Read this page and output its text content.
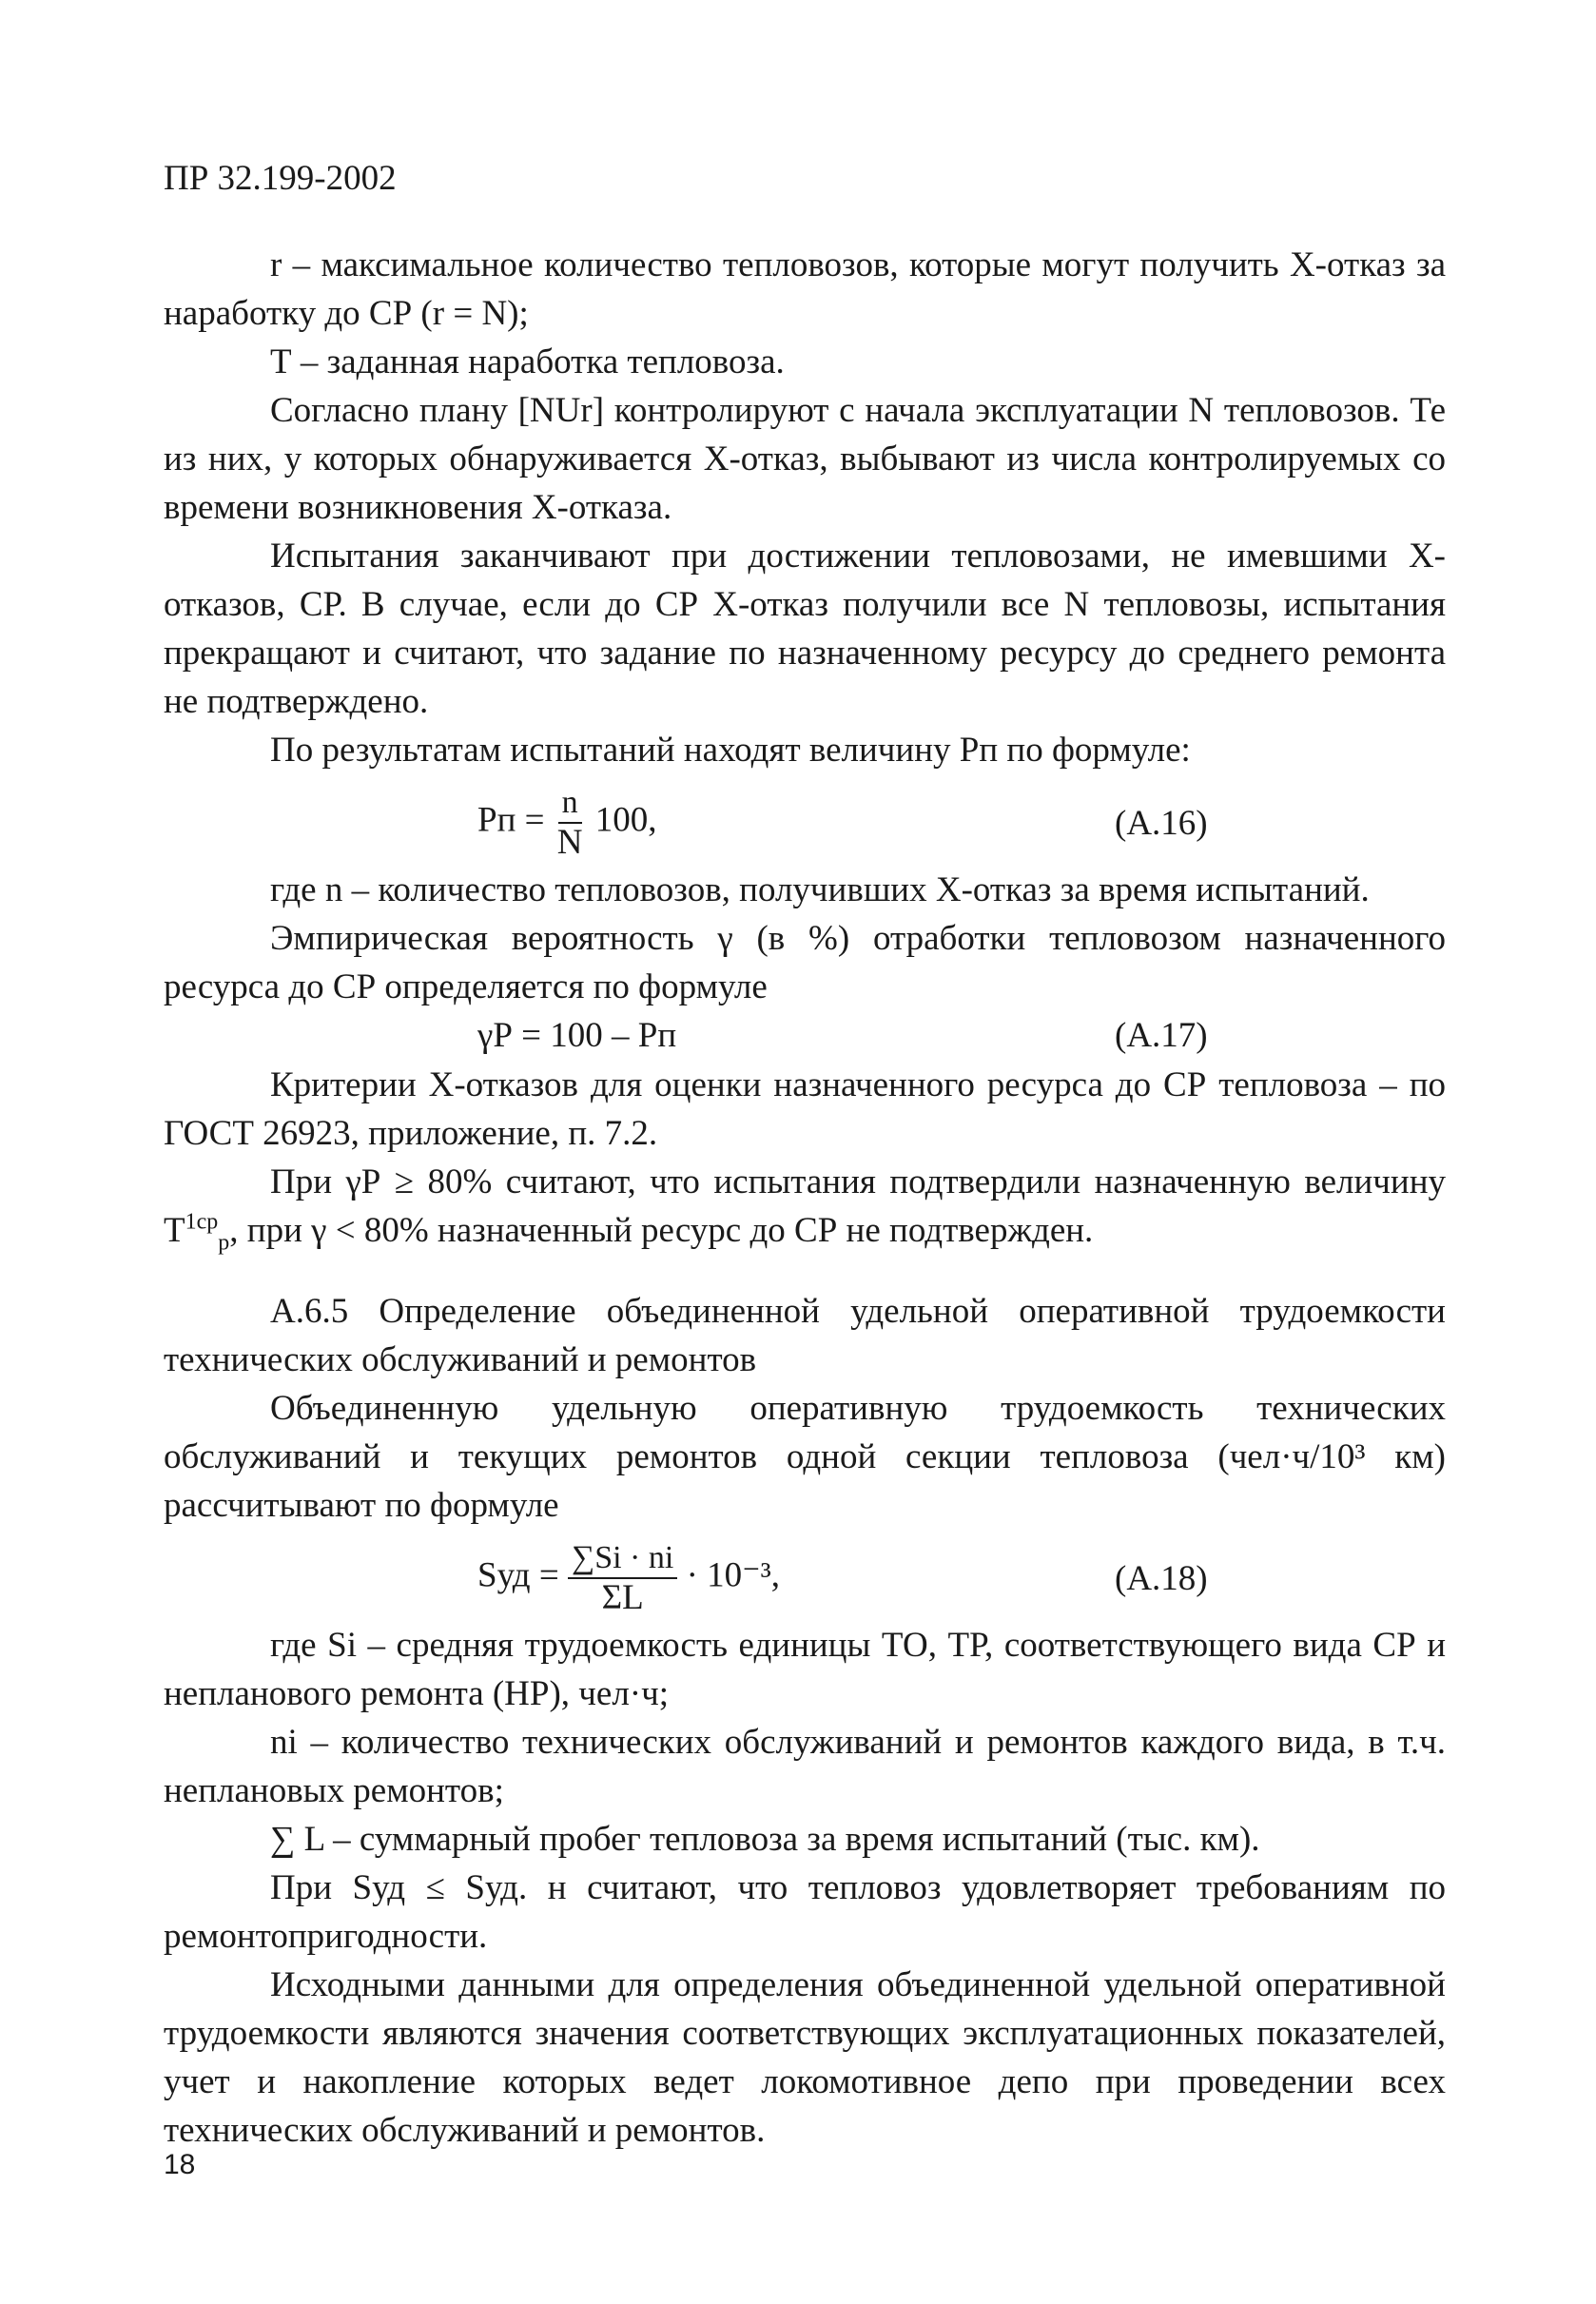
ПР 32.199-2002

r – максимальное количество тепловозов, которые могут получить Х-отказ за наработку до СР (r = N);

Т – заданная наработка тепловоза.

Согласно плану [NUr] контролируют с начала эксплуатации N тепловозов. Те из них, у которых обнаруживается Х-отказ, выбывают из числа контролируемых со времени возникновения Х-отказа.

Испытания заканчивают при достижении тепловозами, не имевшими Х-отказов, СР. В случае, если до СР Х-отказ получили все N тепловозы, испытания прекращают и считают, что задание по назначенному ресурсу до среднего ремонта не подтверждено.

По результатам испытаний находят величину Pп по формуле:

Pп = $\frac{n}{N} 100$,	(А.16)

где n – количество тепловозов, получивших Х-отказ за время испытаний.

Эмпирическая вероятность γ (в %) отработки тепловозом назначенного ресурса до СР определяется по формуле

γР = 100 – Pп	(А.17)

Критерии Х-отказов для оценки назначенного ресурса до СР тепловоза – по ГОСТ 26923, приложение, п. 7.2.

При γР ≥ 80% считают, что испытания подтвердили назначенную величину $Т^{1ср}_р$, при γ < 80% назначенный ресурс до СР не подтвержден.

А.6.5 Определение объединенной удельной оперативной трудоемкости технических обслуживаний и ремонтов

Объединенную удельную оперативную трудоемкость технических обслуживаний и текущих ремонтов одной секции тепловоза (чел·ч/10³ км) рассчитывают по формуле

Sуд = $\frac{\sum Si \cdot ni}{\Sigma L} \cdot 10^{-3}$,	(А.18)

где Si – средняя трудоемкость единицы ТО, ТР, соответствующего вида СР и непланового ремонта (НР), чел·ч;

ni – количество технических обслуживаний и ремонтов каждого вида, в т.ч. неплановых ремонтов;

∑ L – суммарный пробег тепловоза за время испытаний (тыс. км).

При Sуд ≤ Sуд. н считают, что тепловоз удовлетворяет требованиям по ремонтопригодности.

Исходными данными для определения объединенной удельной оперативной трудоемкости являются значения соответствующих эксплуатационных показателей, учет и накопление которых ведет локомотивное депо при проведении всех технических обслуживаний и ремонтов.

18
